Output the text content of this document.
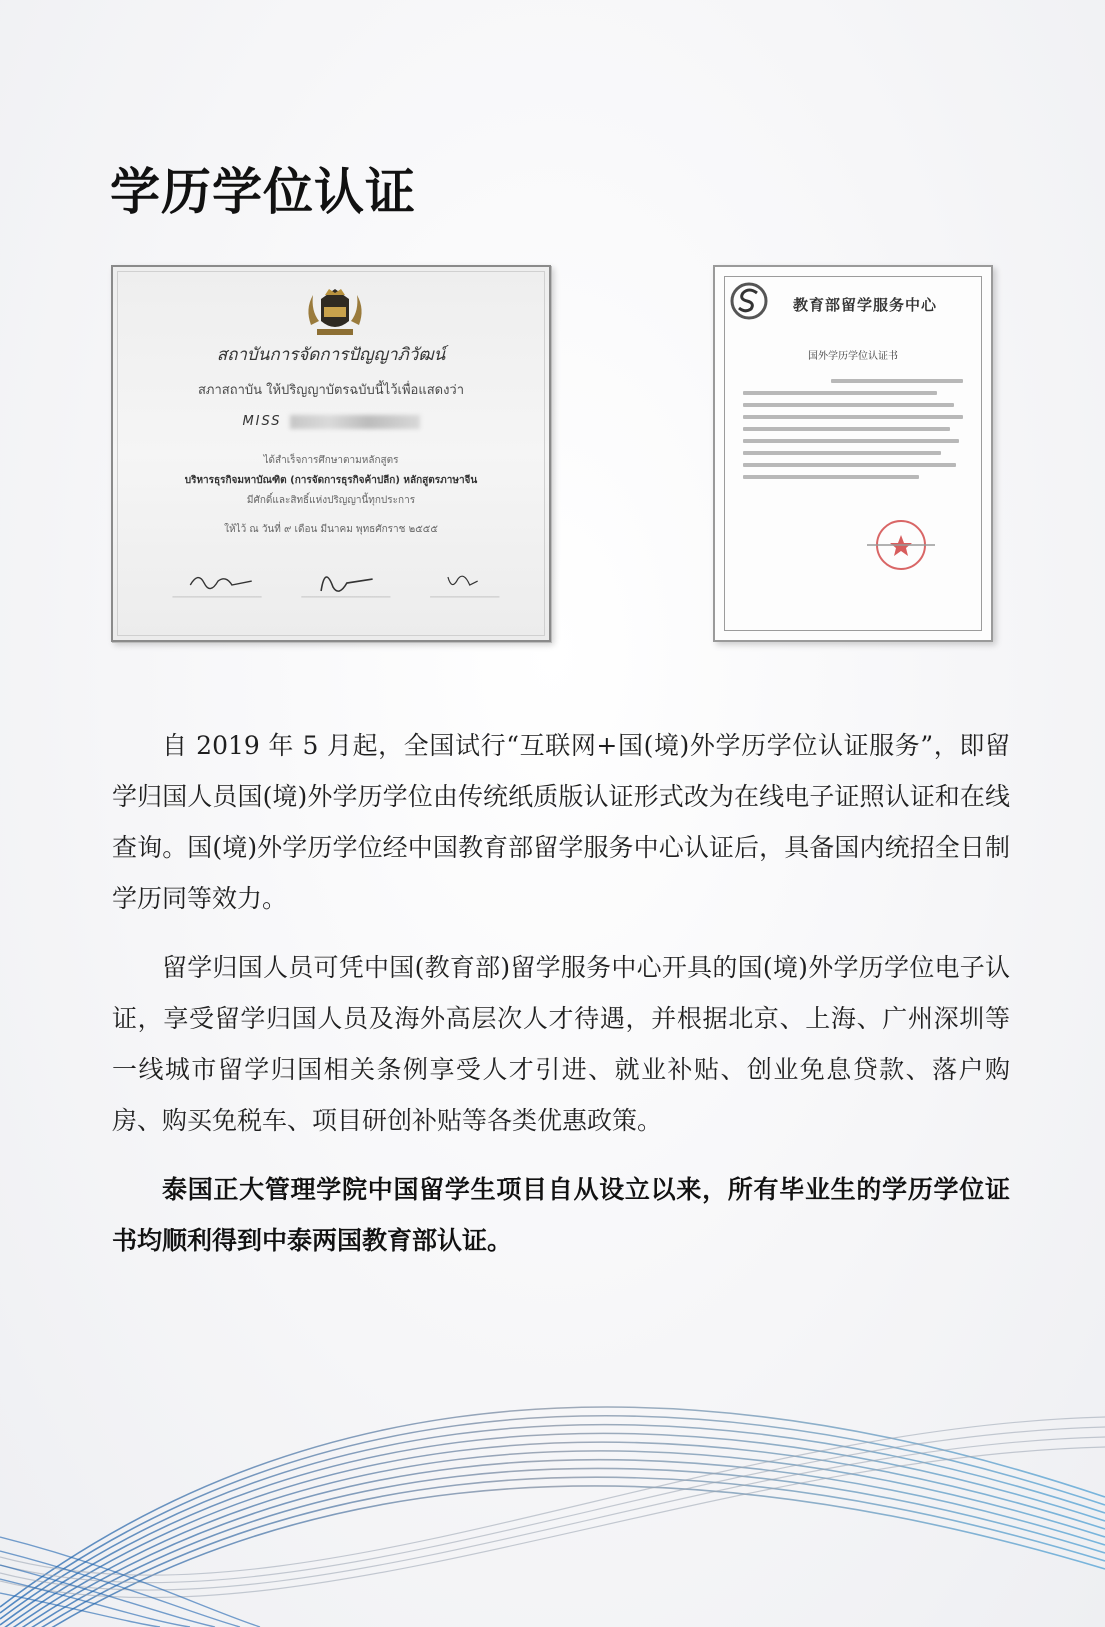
学历学位认证
สถาบันการจัดการปัญญาภิวัฒน์
สภาสถาบัน ให้ปริญญาบัตรฉบับนี้ไว้เพื่อแสดงว่า
MISS
ได้สำเร็จการศึกษาตามหลักสูตร
บริหารธุรกิจมหาบัณฑิต (การจัดการธุรกิจค้าปลีก) หลักสูตรภาษาจีน
มีศักดิ์และสิทธิ์แห่งปริญญานี้ทุกประการ
ให้ไว้ ณ วันที่ ๙ เดือน มีนาคม พุทธศักราช ๒๕๕๕
教育部留学服务中心
国外学历学位认证书

自 2019 年 5 月起，全国试行“互联网+国(境)外学历学位认证服务”，即留学归国人员国(境)外学历学位由传统纸质版认证形式改为在线电子证照认证和在线查询。国(境)外学历学位经中国教育部留学服务中心认证后，具备国内统招全日制学历同等效力。

留学归国人员可凭中国(教育部)留学服务中心开具的国(境)外学历学位电子认证，享受留学归国人员及海外高层次人才待遇，并根据北京、上海、广州深圳等一线城市留学归国相关条例享受人才引进、就业补贴、创业免息贷款、落户购房、购买免税车、项目研创补贴等各类优惠政策。

泰国正大管理学院中国留学生项目自从设立以来，所有毕业生的学历学位证书均顺利得到中泰两国教育部认证。
